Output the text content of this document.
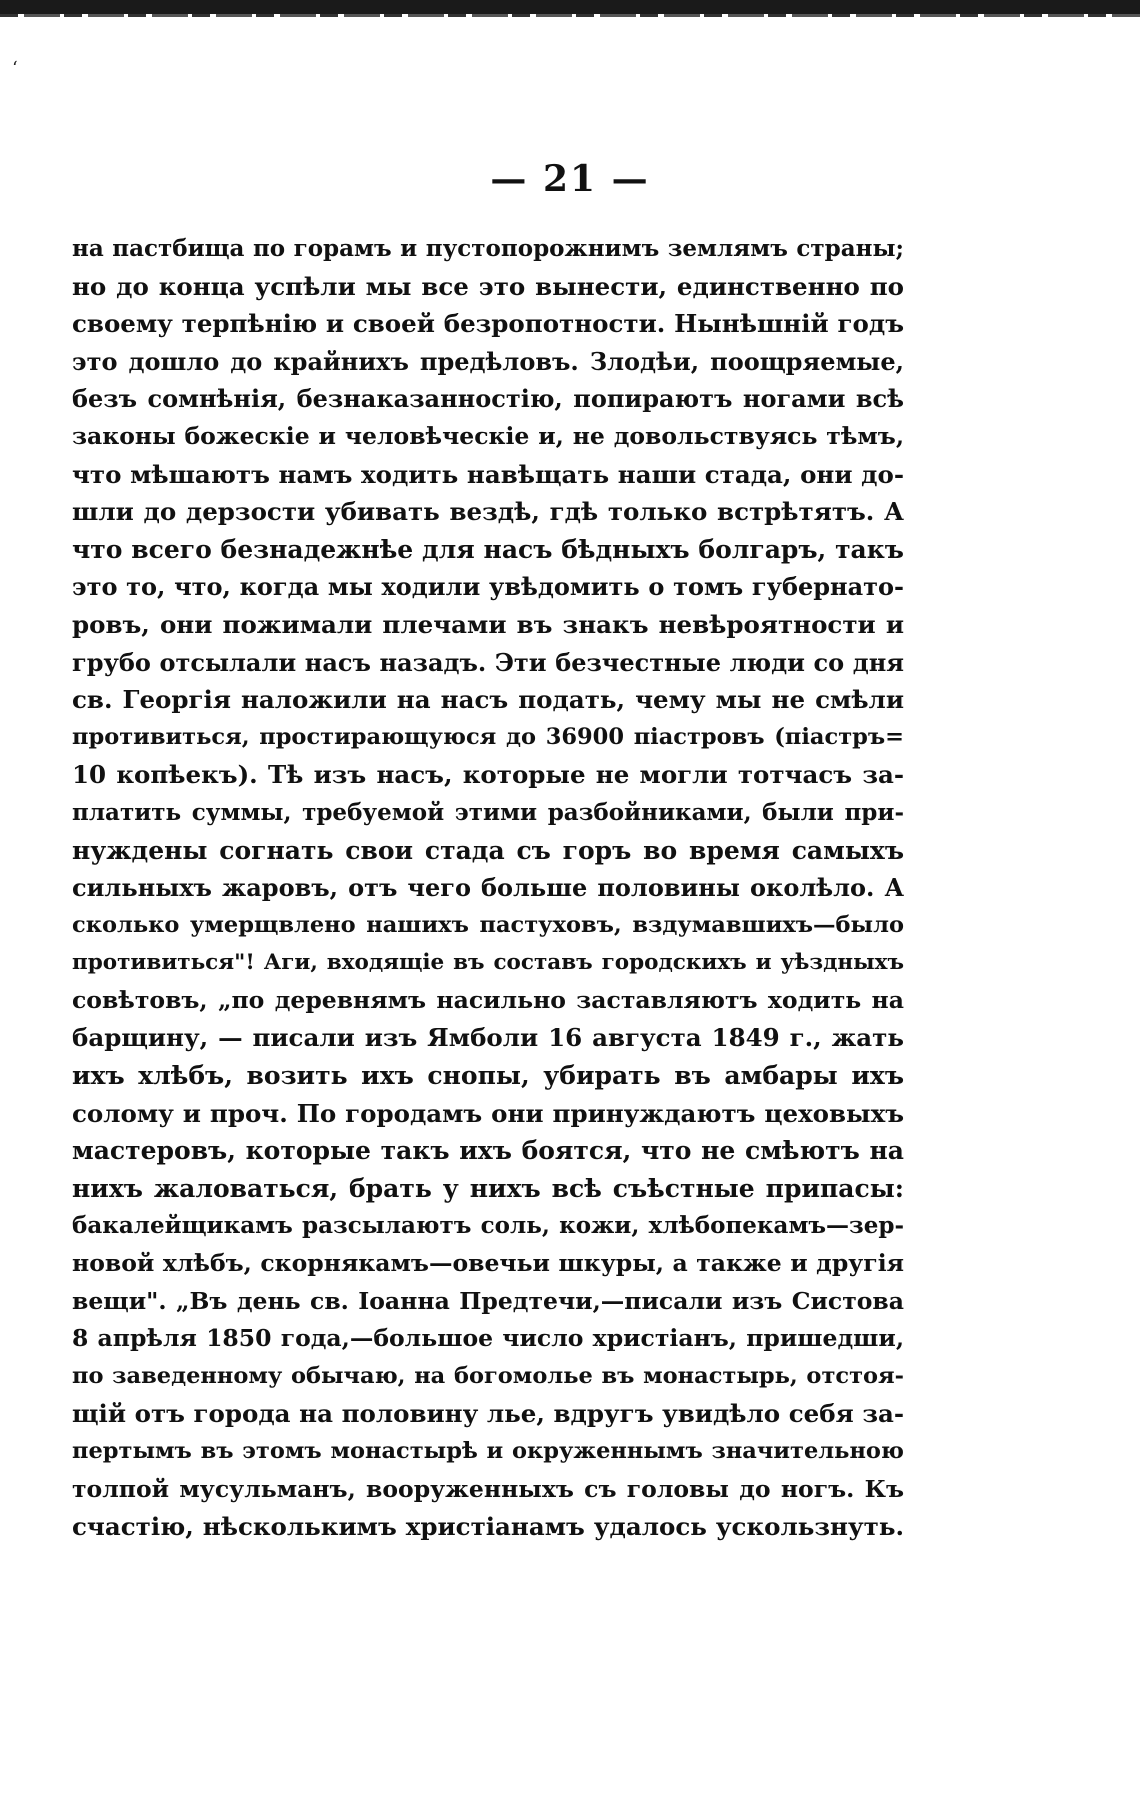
ʻ
— 21 —
на пастбища по горамъ и пустопорожнимъ землямъ страны;
но до конца успѣли мы все это вынести, единственно по
своему терпѣнію и своей безропотности. Нынѣшній годъ
это дошло до крайнихъ предѣловъ. Злодѣи, поощряемые,
безъ сомнѣнія, безнаказанностію, попираютъ ногами всѣ
законы божескіе и человѣческіе и, не довольствуясь тѣмъ,
что мѣшаютъ намъ ходить навѣщать наши стада, они до-
шли до дерзости убивать вездѣ, гдѣ только встрѣтятъ. А
что всего безнадежнѣе для насъ бѣдныхъ болгаръ, такъ
это то, что, когда мы ходили увѣдомить о томъ губернато-
ровъ, они пожимали плечами въ знакъ невѣроятности и
грубо отсылали насъ назадъ. Эти безчестные люди со дня
св. Георгія наложили на насъ подать, чему мы не смѣли
противиться, простирающуюся до 36900 піастровъ (піастръ=
10 копѣекъ). Тѣ изъ насъ, которые не могли тотчасъ за-
платить суммы, требуемой этими разбойниками, были при-
нуждены согнать свои стада съ горъ во время самыхъ
сильныхъ жаровъ, отъ чего больше половины околѣло. А
сколько умерщвлено нашихъ пастуховъ, вздумавшихъ—было
противиться"! Аги, входящіе въ составъ городскихъ и уѣздныхъ
совѣтовъ, „по деревнямъ насильно заставляютъ ходить на
барщину, — писали изъ Ямболи 16 августа 1849 г., жать
ихъ хлѣбъ, возить ихъ снопы, убирать въ амбары ихъ
солому и проч. По городамъ они принуждаютъ цеховыхъ
мастеровъ, которые такъ ихъ боятся, что не смѣютъ на
нихъ жаловаться, брать у нихъ всѣ съѣстные припасы:
бакалейщикамъ разсылаютъ соль, кожи, хлѣбопекамъ—зер-
новой хлѣбъ, скорнякамъ—овечьи шкуры, а также и другія
вещи". „Въ день св. Іоанна Предтечи,—писали изъ Систова
8 апрѣля 1850 года,—большое число христіанъ, пришедши,
по заведенному обычаю, на богомолье въ монастырь, отстоя-
щій отъ города на половину лье, вдругъ увидѣло себя за-
пертымъ въ этомъ монастырѣ и окруженнымъ значительною
толпой мусульманъ, вооруженныхъ съ головы до ногъ. Къ
счастію, нѣсколькимъ христіанамъ удалось ускользнуть.
